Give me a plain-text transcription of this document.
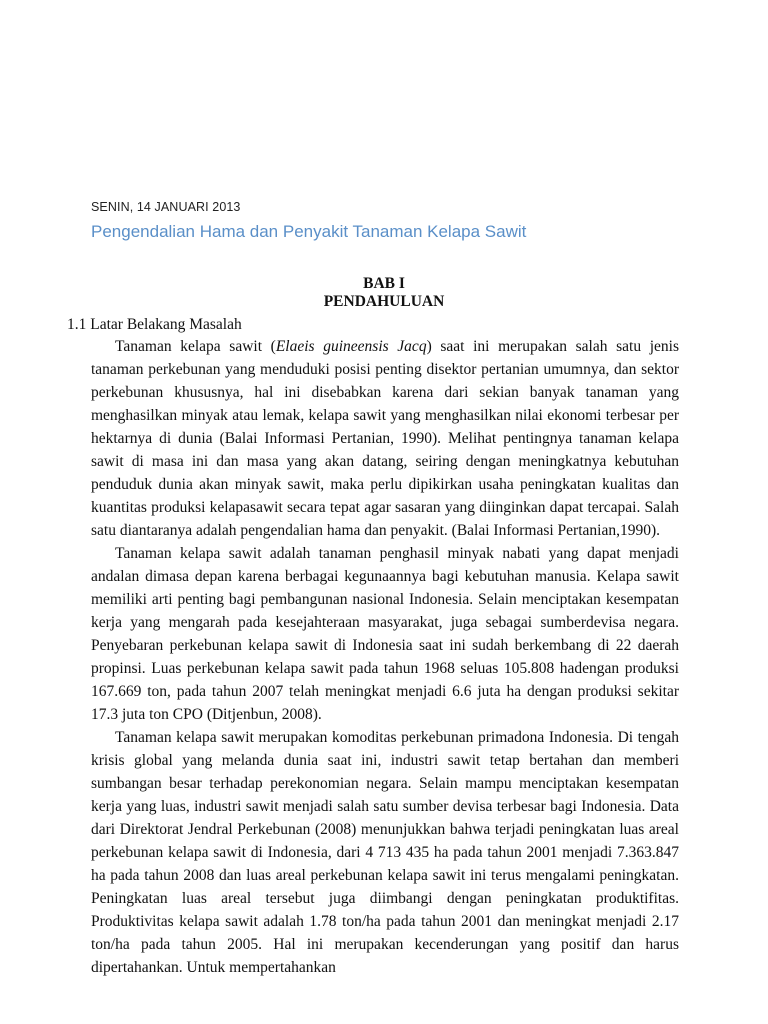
SENIN, 14 JANUARI 2013
Pengendalian Hama dan Penyakit Tanaman Kelapa Sawit
BAB I
PENDAHULUAN
1.1 Latar Belakang Masalah

Tanaman kelapa sawit (Elaeis guineensis Jacq) saat ini merupakan salah satu jenis tanaman perkebunan yang menduduki posisi penting disektor pertanian umumnya, dan sektor perkebunan khususnya, hal ini disebabkan karena dari sekian banyak tanaman yang menghasilkan minyak atau lemak, kelapa sawit yang menghasilkan nilai ekonomi terbesar per hektarnya di dunia (Balai Informasi Pertanian, 1990). Melihat pentingnya tanaman kelapa sawit di masa ini dan masa yang akan datang, seiring dengan meningkatnya kebutuhan penduduk dunia akan minyak sawit, maka perlu dipikirkan usaha peningkatan kualitas dan kuantitas produksi kelapasawit secara tepat agar sasaran yang diinginkan dapat tercapai. Salah satu diantaranya adalah pengendalian hama dan penyakit. (Balai Informasi Pertanian,1990).

Tanaman kelapa sawit adalah tanaman penghasil minyak nabati yang dapat menjadi andalan dimasa depan karena berbagai kegunaannya bagi kebutuhan manusia. Kelapa sawit memiliki arti penting bagi pembangunan nasional Indonesia. Selain menciptakan kesempatan kerja yang mengarah pada kesejahteraan masyarakat, juga sebagai sumberdevisa negara. Penyebaran perkebunan kelapa sawit di Indonesia saat ini sudah berkembang di 22 daerah propinsi. Luas perkebunan kelapa sawit pada tahun 1968 seluas 105.808 hadengan produksi 167.669 ton, pada tahun 2007 telah meningkat menjadi 6.6 juta ha dengan produksi sekitar 17.3 juta ton CPO (Ditjenbun, 2008).

Tanaman kelapa sawit merupakan komoditas perkebunan primadona Indonesia. Di tengah krisis global yang melanda dunia saat ini, industri sawit tetap bertahan dan memberi sumbangan besar terhadap perekonomian negara. Selain mampu menciptakan kesempatan kerja yang luas, industri sawit menjadi salah satu sumber devisa terbesar bagi Indonesia. Data dari Direktorat Jendral Perkebunan (2008) menunjukkan bahwa terjadi peningkatan luas areal perkebunan kelapa sawit di Indonesia, dari 4 713 435 ha pada tahun 2001 menjadi 7.363.847 ha pada tahun 2008 dan luas areal perkebunan kelapa sawit ini terus mengalami peningkatan. Peningkatan luas areal tersebut juga diimbangi dengan peningkatan produktifitas. Produktivitas kelapa sawit adalah 1.78 ton/ha pada tahun 2001 dan meningkat menjadi 2.17 ton/ha pada tahun 2005. Hal ini merupakan kecenderungan yang positif dan harus dipertahankan. Untuk mempertahankan
